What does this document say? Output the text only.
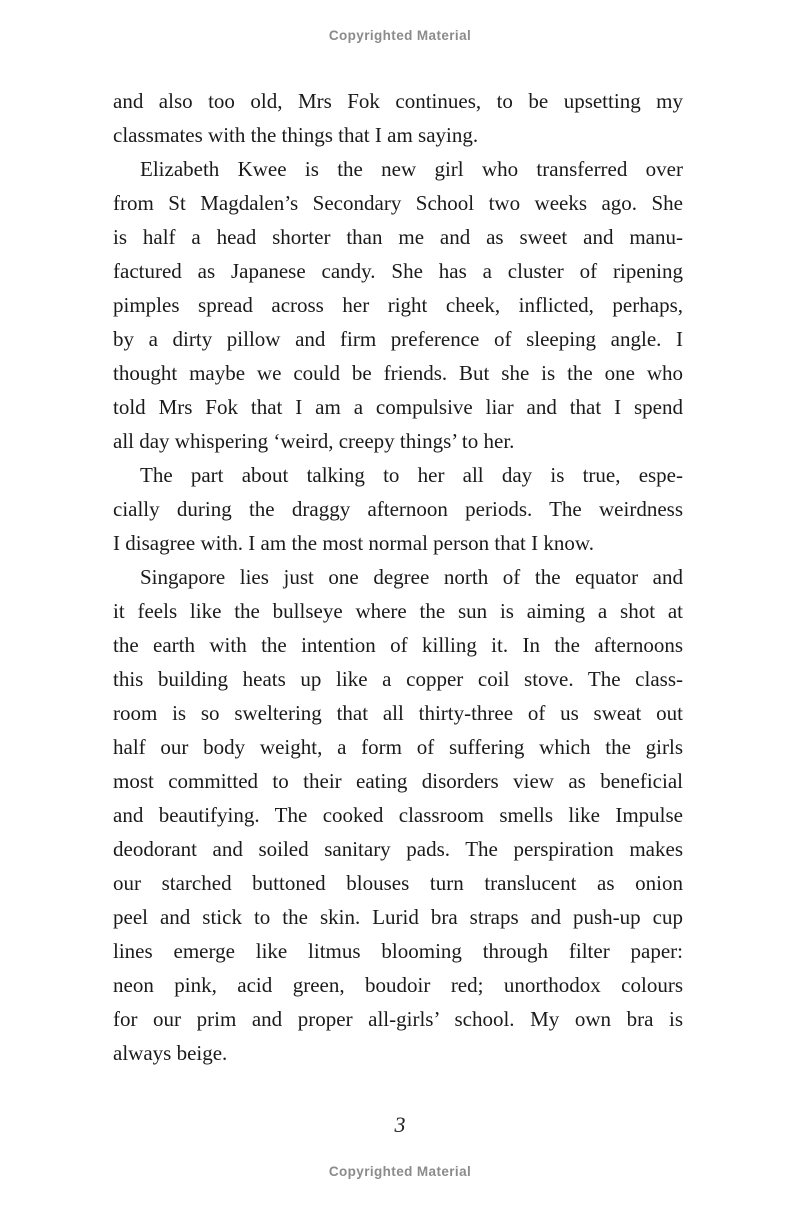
Copyrighted Material
and also too old, Mrs Fok continues, to be upsetting my
classmates with the things that I am saying.
Elizabeth Kwee is the new girl who transferred over
from St Magdalen’s Secondary School two weeks ago. She
is half a head shorter than me and as sweet and manu-
factured as Japanese candy. She has a cluster of ripening
pimples spread across her right cheek, inflicted, perhaps,
by a dirty pillow and firm preference of sleeping angle. I
thought maybe we could be friends. But she is the one who
told Mrs Fok that I am a compulsive liar and that I spend
all day whispering ‘weird, creepy things’ to her.
The part about talking to her all day is true, espe-
cially during the draggy afternoon periods. The weirdness
I disagree with. I am the most normal person that I know.
Singapore lies just one degree north of the equator and
it feels like the bullseye where the sun is aiming a shot at
the earth with the intention of killing it. In the afternoons
this building heats up like a copper coil stove. The class-
room is so sweltering that all thirty-three of us sweat out
half our body weight, a form of suffering which the girls
most committed to their eating disorders view as beneficial
and beautifying. The cooked classroom smells like Impulse
deodorant and soiled sanitary pads. The perspiration makes
our starched buttoned blouses turn translucent as onion
peel and stick to the skin. Lurid bra straps and push-up cup
lines emerge like litmus blooming through filter paper:
neon pink, acid green, boudoir red; unorthodox colours
for our prim and proper all-girls’ school. My own bra is
always beige.
3
Copyrighted Material
